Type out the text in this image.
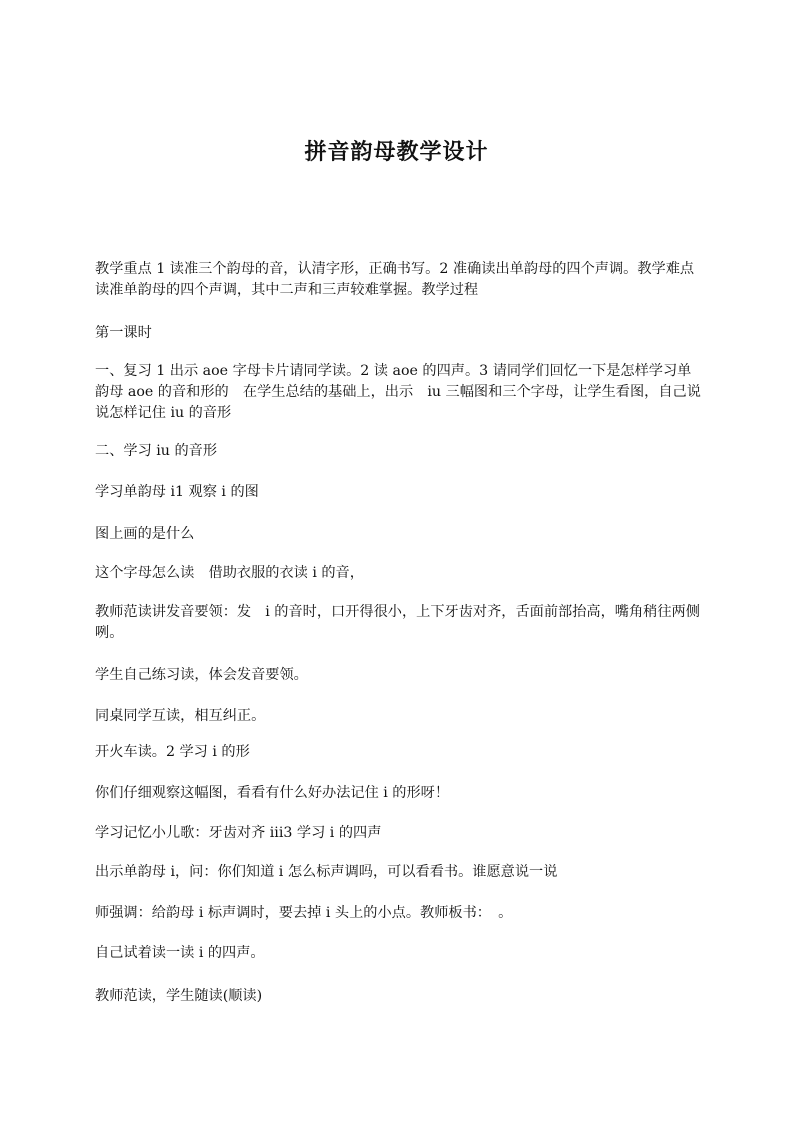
拼音韵母教学设计

教学重点 1 读准三个韵母的音，认清字形，正确书写。2 准确读出单韵母的四个声调。教学难点读准单韵母的四个声调，其中二声和三声较难掌握。教学过程

第一课时

一、复习 1 出示 aoe 字母卡片请同学读。2 读 aoe 的四声。3 请同学们回忆一下是怎样学习单韵母 aoe 的音和形的　在学生总结的基础上，出示　iu 三幅图和三个字母，让学生看图，自己说说怎样记住 iu 的音形

二、学习 iu 的音形

学习单韵母 i1 观察 i 的图

图上画的是什么

这个字母怎么读　借助衣服的衣读 i 的音，

教师范读讲发音要领：发　i 的音时，口开得很小，上下牙齿对齐，舌面前部抬高，嘴角稍往两侧咧。

学生自己练习读，体会发音要领。

同桌同学互读，相互纠正。

开火车读。2 学习 i 的形

你们仔细观察这幅图，看看有什么好办法记住 i 的形呀！

学习记忆小儿歌：牙齿对齐 iii3 学习 i 的四声

出示单韵母 i，问：你们知道 i 怎么标声调吗，可以看看书。谁愿意说一说

师强调：给韵母 i 标声调时，要去掉 i 头上的小点。教师板书：　。

自己试着读一读 i 的四声。

教师范读，学生随读(顺读)
